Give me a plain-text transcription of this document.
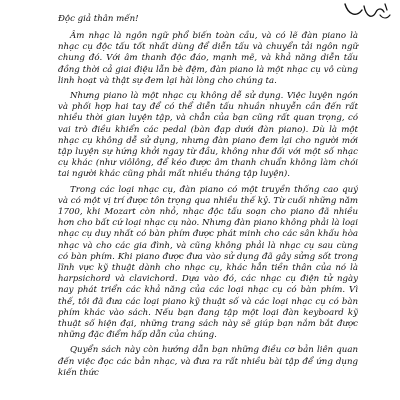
Độc giả thân mến!

Âm nhạc là ngôn ngữ phổ biến toàn cầu, và có lẽ đàn piano là nhạc cụ độc tấu tốt nhất dùng để diễn tấu và chuyển tải ngôn ngữ chung đó. Với âm thanh độc đáo, mạnh mẽ, và khả năng diễn tấu đồng thời cả giai điệu lẫn bè đệm, đàn piano là một nhạc cụ vô cùng linh hoạt và thật sự đem lại hài lòng cho chúng ta.

Nhưng piano là một nhạc cụ không dễ sử dụng. Việc luyện ngón và phối hợp hai tay để có thể diễn tấu nhuần nhuyễn cần đến rất nhiều thời gian luyện tập, và chẳn của bạn cũng rất quan trọng, có vai trò điều khiển các pedal (bàn đạp dưới đàn piano). Dù là một nhạc cụ không dễ sử dụng, nhưng đàn piano đem lại cho người mới tập luyện sự hứng khởi ngay từ đầu, không như đối với một số nhạc cụ khác (như viôlông, để kéo được âm thanh chuẩn không làm chói tai người khác cũng phải mất nhiều tháng tập luyện).

Trong các loại nhạc cụ, đàn piano có một truyền thống cao quý và có một vị trí được tôn trọng qua nhiều thế kỷ. Từ cuối những năm 1700, khi Mozart còn nhỏ, nhạc độc tấu soạn cho piano đã nhiều hơn cho bất cứ loại nhạc cụ nào. Nhưng đàn piano không phải là loại nhạc cụ duy nhất có bàn phím được phát minh cho các sân khấu hòa nhạc và cho các gia đình, và cũng không phải là nhạc cụ sau cùng có bàn phím. Khi piano được đưa vào sử dụng đã gây sửng sốt trong lĩnh vực kỹ thuật dành cho nhạc cụ, khác hẳn tiền thân của nó là harpsichord và clavichord. Dựa vào đó, các nhạc cụ điện tử ngày nay phát triển các khả năng của các loại nhạc cụ có bàn phím. Vì thế, tôi đã đưa các loại piano kỹ thuật số và các loại nhạc cụ có bàn phím khác vào sách. Nếu bạn đang tập một loại đàn keyboard kỹ thuật số hiện đại, những trang sách này sẽ giúp bạn nắm bắt được những đặc điểm hấp dẫn của chúng.

Quyển sách này còn hướng dẫn bạn những điều cơ bản liên quan đến việc đọc các bản nhạc, và đưa ra rất nhiều bài tập để ứng dụng kiến thức
